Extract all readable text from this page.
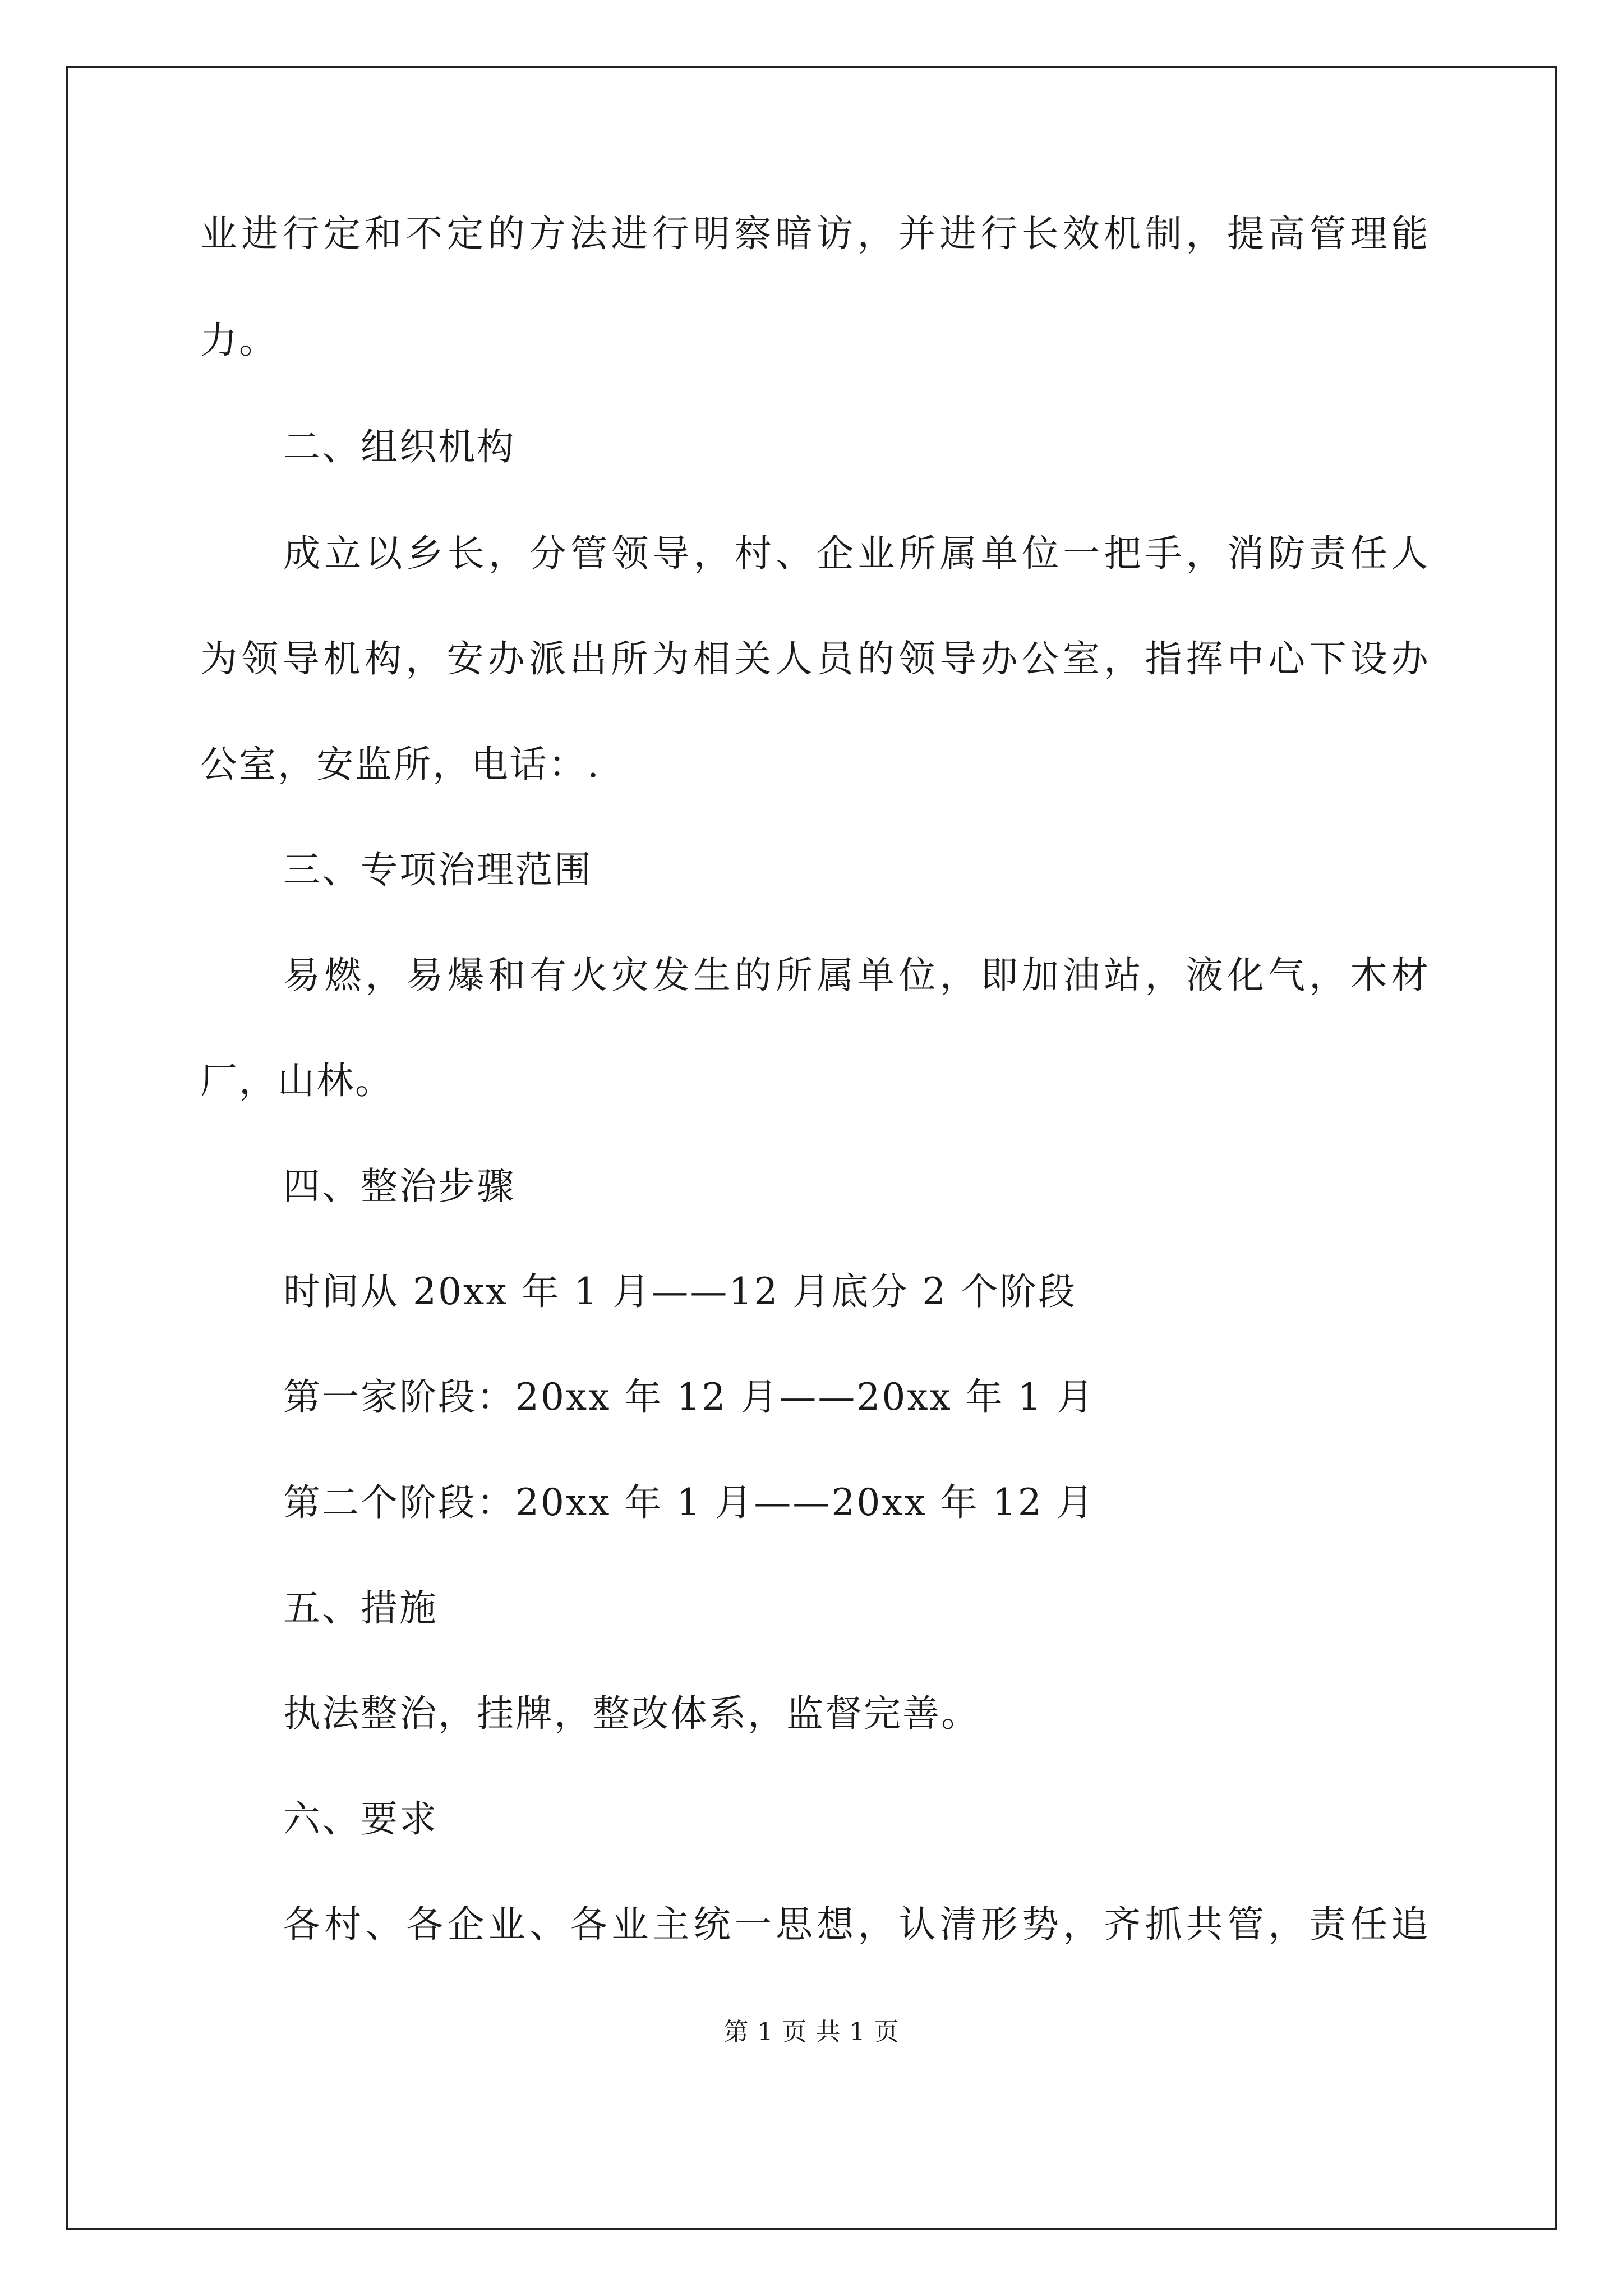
业 进 行 定 和 不 定 的 方 法 进 行 明 察 暗 访 ， 并 进 行 长 效 机 制 ， 提 高 管 理 能
力。
二、组织机构
成 立 以 乡 长 ， 分 管 领 导 ， 村 、 企 业 所 属 单 位 一 把 手 ， 消 防 责 任 人
为 领 导 机 构 ， 安 办 派 出 所 为 相 关 人 员 的 领 导 办 公 室 ， 指 挥 中 心 下 设 办
公室，安监所，电话：.
三、专项治理范围
易 燃 ， 易 爆 和 有 火 灾 发 生 的 所 属 单 位 ， 即 加 油 站 ， 液 化 气 ， 木 材
厂，山林。
四、整治步骤
时间从 20xx 年 1 月——12 月底分 2 个阶段
第一家阶段：20xx 年 12 月——20xx 年 1 月
第二个阶段：20xx 年 1 月——20xx 年 12 月
五、措施
执法整治，挂牌，整改体系，监督完善。
六、要求
各 村 、 各 企 业 、 各 业 主 统 一 思 想 ， 认 清 形 势 ， 齐 抓 共 管 ， 责 任 追
第 1 页 共 1 页
